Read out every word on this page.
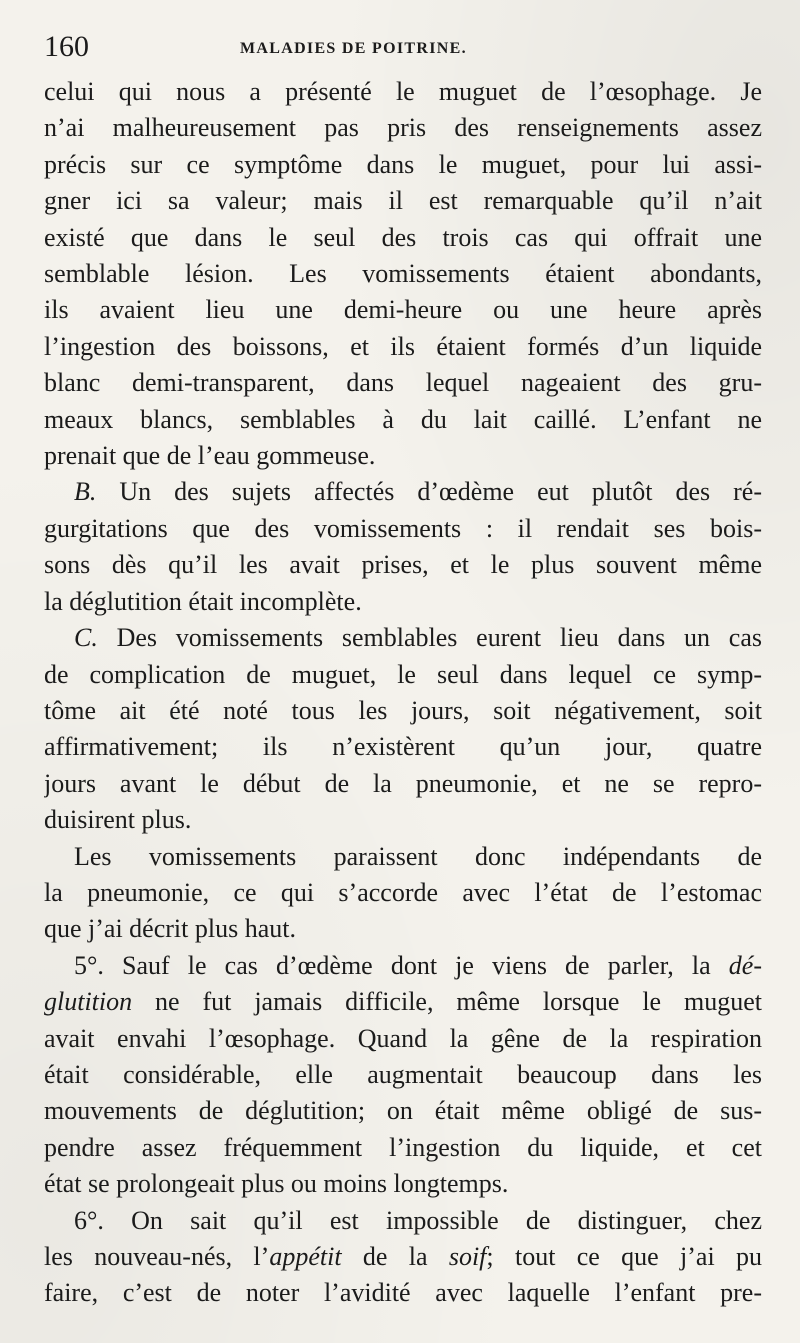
160	MALADIES DE POITRINE.
celui qui nous a présenté le muguet de l’œsophage. Je
n’ai malheureusement pas pris des renseignements assez
précis sur ce symptôme dans le muguet, pour lui assi-
gner ici sa valeur; mais il est remarquable qu’il n’ait
existé que dans le seul des trois cas qui offrait une
semblable lésion. Les vomissements étaient abondants,
ils avaient lieu une demi-heure ou une heure après
l’ingestion des boissons, et ils étaient formés d’un liquide
blanc demi-transparent, dans lequel nageaient des gru-
meaux blancs, semblables à du lait caillé. L’enfant ne
prenait que de l’eau gommeuse.
B. Un des sujets affectés d’œdème eut plutôt des ré-
gurgitations que des vomissements : il rendait ses bois-
sons dès qu’il les avait prises, et le plus souvent même
la déglutition était incomplète.
C. Des vomissements semblables eurent lieu dans un cas
de complication de muguet, le seul dans lequel ce symp-
tôme ait été noté tous les jours, soit négativement, soit
affirmativement; ils n’existèrent qu’un jour, quatre
jours avant le début de la pneumonie, et ne se repro-
duisirent plus.
Les vomissements paraissent donc indépendants de
la pneumonie, ce qui s’accorde avec l’état de l’estomac
que j’ai décrit plus haut.
5°. Sauf le cas d’œdème dont je viens de parler, la dé-
glutition ne fut jamais difficile, même lorsque le muguet
avait envahi l’œsophage. Quand la gêne de la respiration
était considérable, elle augmentait beaucoup dans les
mouvements de déglutition; on était même obligé de sus-
pendre assez fréquemment l’ingestion du liquide, et cet
état se prolongeait plus ou moins longtemps.
6°. On sait qu’il est impossible de distinguer, chez
les nouveau-nés, l’appétit de la soif; tout ce que j’ai pu
faire, c’est de noter l’avidité avec laquelle l’enfant pre-
